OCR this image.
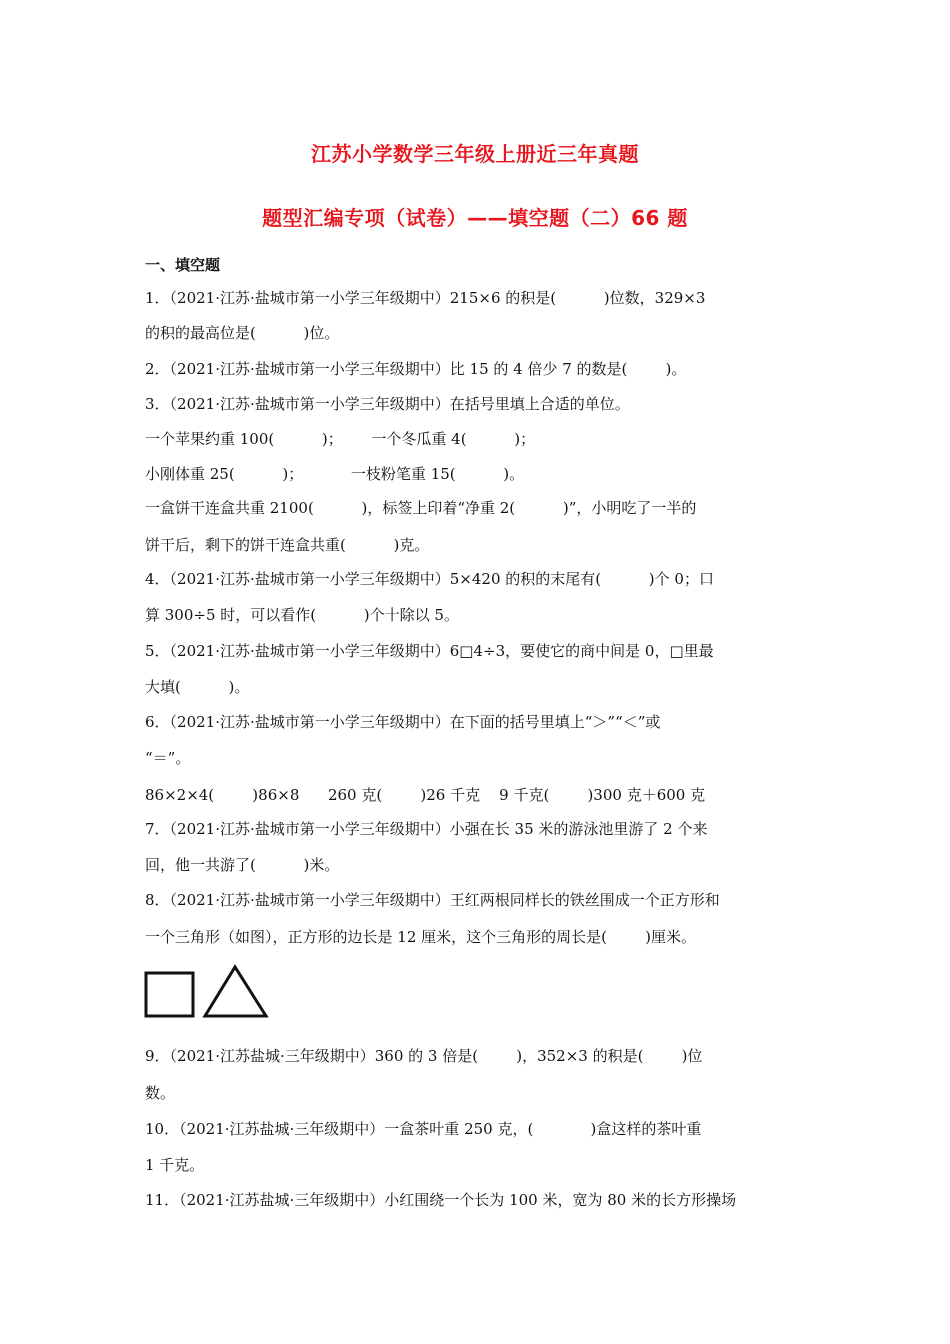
江苏小学数学三年级上册近三年真题
题型汇编专项（试卷）——填空题（二）66 题
一、填空题
1．（2021·江苏·盐城市第一小学三年级期中）215×6 的积是(          )位数，329×3
的积的最高位是(          )位。
2．（2021·江苏·盐城市第一小学三年级期中）比 15 的 4 倍少 7 的数是(        )。
3．（2021·江苏·盐城市第一小学三年级期中）在括号里填上合适的单位。
一个苹果约重 100(          )；      一个冬瓜重 4(          )；
小刚体重 25(          )；          一枝粉笔重 15(          )。
一盒饼干连盒共重 2100(          )，标签上印着“净重 2(          )”，小明吃了一半的
饼干后，剩下的饼干连盒共重(          )克。
4．（2021·江苏·盐城市第一小学三年级期中）5×420 的积的末尾有(          )个 0；口
算 300÷5 时，可以看作(          )个十除以 5。
5．（2021·江苏·盐城市第一小学三年级期中）6□4÷3，要使它的商中间是 0，□里最
大填(          )。
6．（2021·江苏·盐城市第一小学三年级期中）在下面的括号里填上“＞”“＜”或
“＝”。
86×2×4(        )86×8      260 克(        )26 千克    9 千克(        )300 克＋600 克
7．（2021·江苏·盐城市第一小学三年级期中）小强在长 35 米的游泳池里游了 2 个来
回，他一共游了(          )米。
8．（2021·江苏·盐城市第一小学三年级期中）王红两根同样长的铁丝围成一个正方形和
一个三角形（如图），正方形的边长是 12 厘米，这个三角形的周长是(        )厘米。
9．（2021·江苏盐城·三年级期中）360 的 3 倍是(        )，352×3 的积是(        )位
数。
10．（2021·江苏盐城·三年级期中）一盒茶叶重 250 克，(            )盒这样的茶叶重
1 千克。
11．（2021·江苏盐城·三年级期中）小红围绕一个长为 100 米，宽为 80 米的长方形操场
